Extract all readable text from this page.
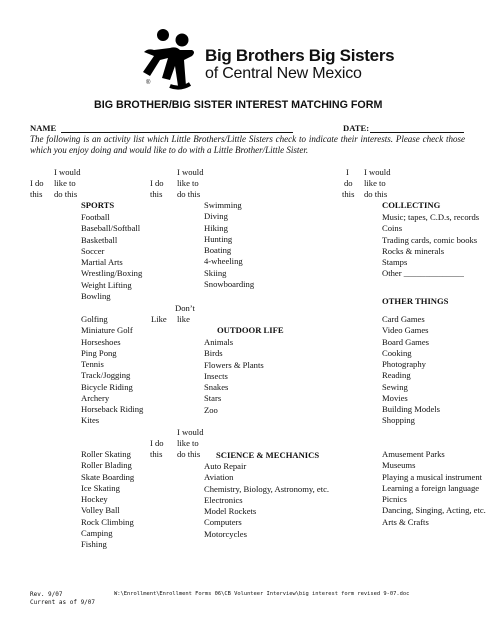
®
Big Brothers Big Sisters
of Central New Mexico
BIG BROTHER/BIG SISTER INTEREST MATCHING FORM
NAME	DATE:
The following is an activity list which Little Brothers/Little Sisters check to indicate their interests. Please check those which you enjoy doing and would like to do with a Little Brother/Little Sister.
I would
I do like to
this do this
I would
I do like to
this do this
I I would
do like to
this do this
SPORTS	COLLECTING
OTHER THINGS
OUTDOOR LIFE
SCIENCE & MECHANICS
Football
Baseball/Softball
Basketball
Soccer
Martial Arts
Wrestling/Boxing
Weight Lifting
Bowling
Don’t
Like like
Golfing
Miniature Golf
Horseshoes
Ping Pong
Tennis
Track/Jogging
Bicycle Riding
Archery
Horseback Riding
Kites
I would
I do like to
this do this
Roller Skating
Roller Blading
Skate Boarding
Ice Skating
Hockey
Volley Ball
Rock Climbing
Camping
Fishing
Swimming
Diving
Hiking
Hunting
Boating
4-wheeling
Skiing
Snowboarding
Animals
Birds
Flowers & Plants
Insects
Snakes
Stars
Zoo
Auto Repair
Aviation
Chemistry, Biology, Astronomy, etc.
Electronics
Model Rockets
Computers
Motorcycles
Music; tapes, C.D.s, records
Coins
Trading cards, comic books
Rocks & minerals
Stamps
Other ______________
Card Games
Video Games
Board Games
Cooking
Photography
Reading
Sewing
Movies
Building Models
Shopping
Amusement Parks
Museums
Playing a musical instrument
Learning a foreign language
Picnics
Dancing, Singing, Acting, etc.
Arts & Crafts
Rev. 9/07
Current as of 9/07
W:\Enrollment\Enrollment Forms 06\CB Volunteer Interview\big interest form revised 9-07.doc
